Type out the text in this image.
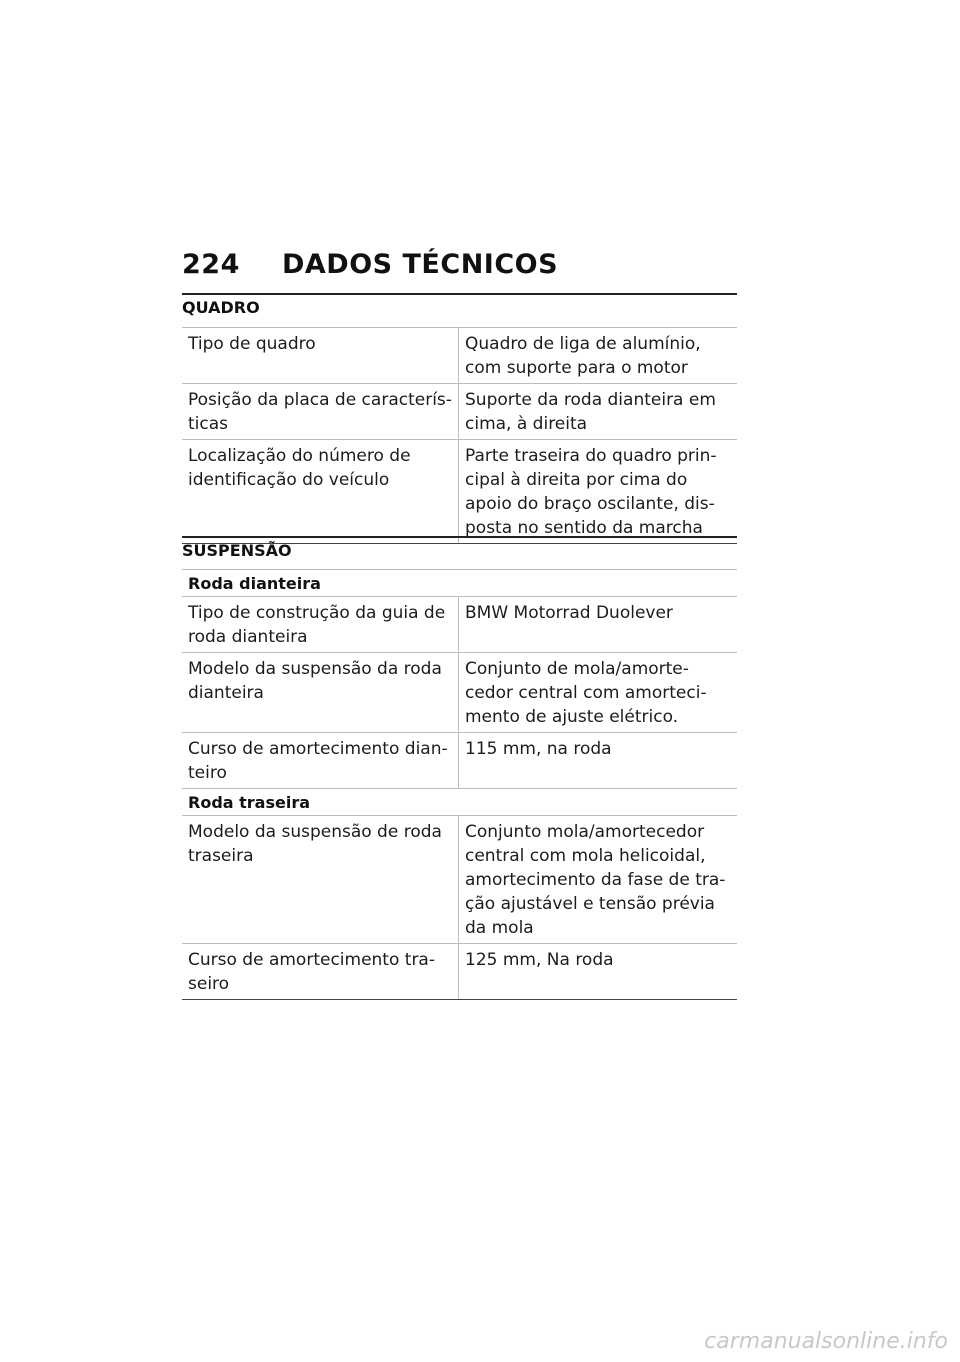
224	DADOS TÉCNICOS
QUADRO
Tipo de quadro	Quadro de liga de alumínio,
com suporte para o motor
Posição da placa de caracterís-
ticas
Suporte da roda dianteira em
cima, à direita
Localização do número de
identificação do veículo
Parte traseira do quadro prin-
cipal à direita por cima do
apoio do braço oscilante, dis-
posta no sentido da marcha
SUSPENSÃO
Roda dianteira
Tipo de construção da guia de
roda dianteira
BMW Motorrad Duolever
Modelo da suspensão da roda
dianteira
Conjunto de mola/amorte-
cedor central com amorteci-
mento de ajuste elétrico.
Curso de amortecimento dian-
teiro
115 mm, na roda
Roda traseira
Modelo da suspensão de roda
traseira
Conjunto mola/amortecedor
central com mola helicoidal,
amortecimento da fase de tra-
ção ajustável e tensão prévia
da mola
Curso de amortecimento tra-
seiro
125 mm, Na roda
carmanualsonline.info
